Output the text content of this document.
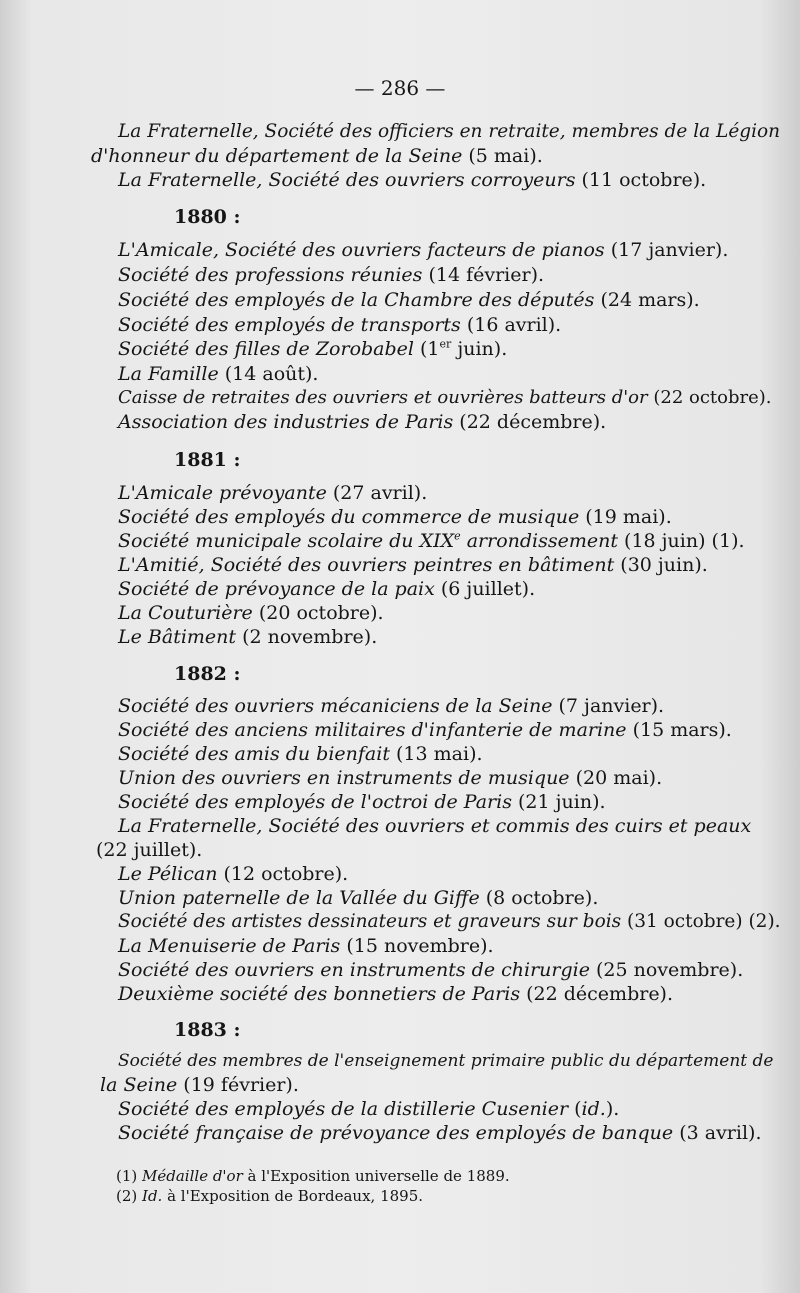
— 286 —
La Fraternelle, Société des officiers en retraite, membres de la Légion
d'honneur du département de la Seine (5 mai).
La Fraternelle, Société des ouvriers corroyeurs (11 octobre).
1880 :
L'Amicale, Société des ouvriers facteurs de pianos (17 janvier).
Société des professions réunies (14 février).
Société des employés de la Chambre des députés (24 mars).
Société des employés de transports (16 avril).
Société des filles de Zorobabel (1er juin).
La Famille (14 août).
Caisse de retraites des ouvriers et ouvrières batteurs d'or (22 octobre).
Association des industries de Paris (22 décembre).
1881 :
L'Amicale prévoyante (27 avril).
Société des employés du commerce de musique (19 mai).
Société municipale scolaire du XIXe arrondissement (18 juin) (1).
L'Amitié, Société des ouvriers peintres en bâtiment (30 juin).
Société de prévoyance de la paix (6 juillet).
La Couturière (20 octobre).
Le Bâtiment (2 novembre).
1882 :
Société des ouvriers mécaniciens de la Seine (7 janvier).
Société des anciens militaires d'infanterie de marine (15 mars).
Société des amis du bienfait (13 mai).
Union des ouvriers en instruments de musique (20 mai).
Société des employés de l'octroi de Paris (21 juin).
La Fraternelle, Société des ouvriers et commis des cuirs et peaux
(22 juillet).
Le Pélican (12 octobre).
Union paternelle de la Vallée du Giffe (8 octobre).
Société des artistes dessinateurs et graveurs sur bois (31 octobre) (2).
La Menuiserie de Paris (15 novembre).
Société des ouvriers en instruments de chirurgie (25 novembre).
Deuxième société des bonnetiers de Paris (22 décembre).
1883 :
Société des membres de l'enseignement primaire public du département de
la Seine (19 février).
Société des employés de la distillerie Cusenier (id.).
Société française de prévoyance des employés de banque (3 avril).
(1) Médaille d'or à l'Exposition universelle de 1889.
(2) Id. à l'Exposition de Bordeaux, 1895.
